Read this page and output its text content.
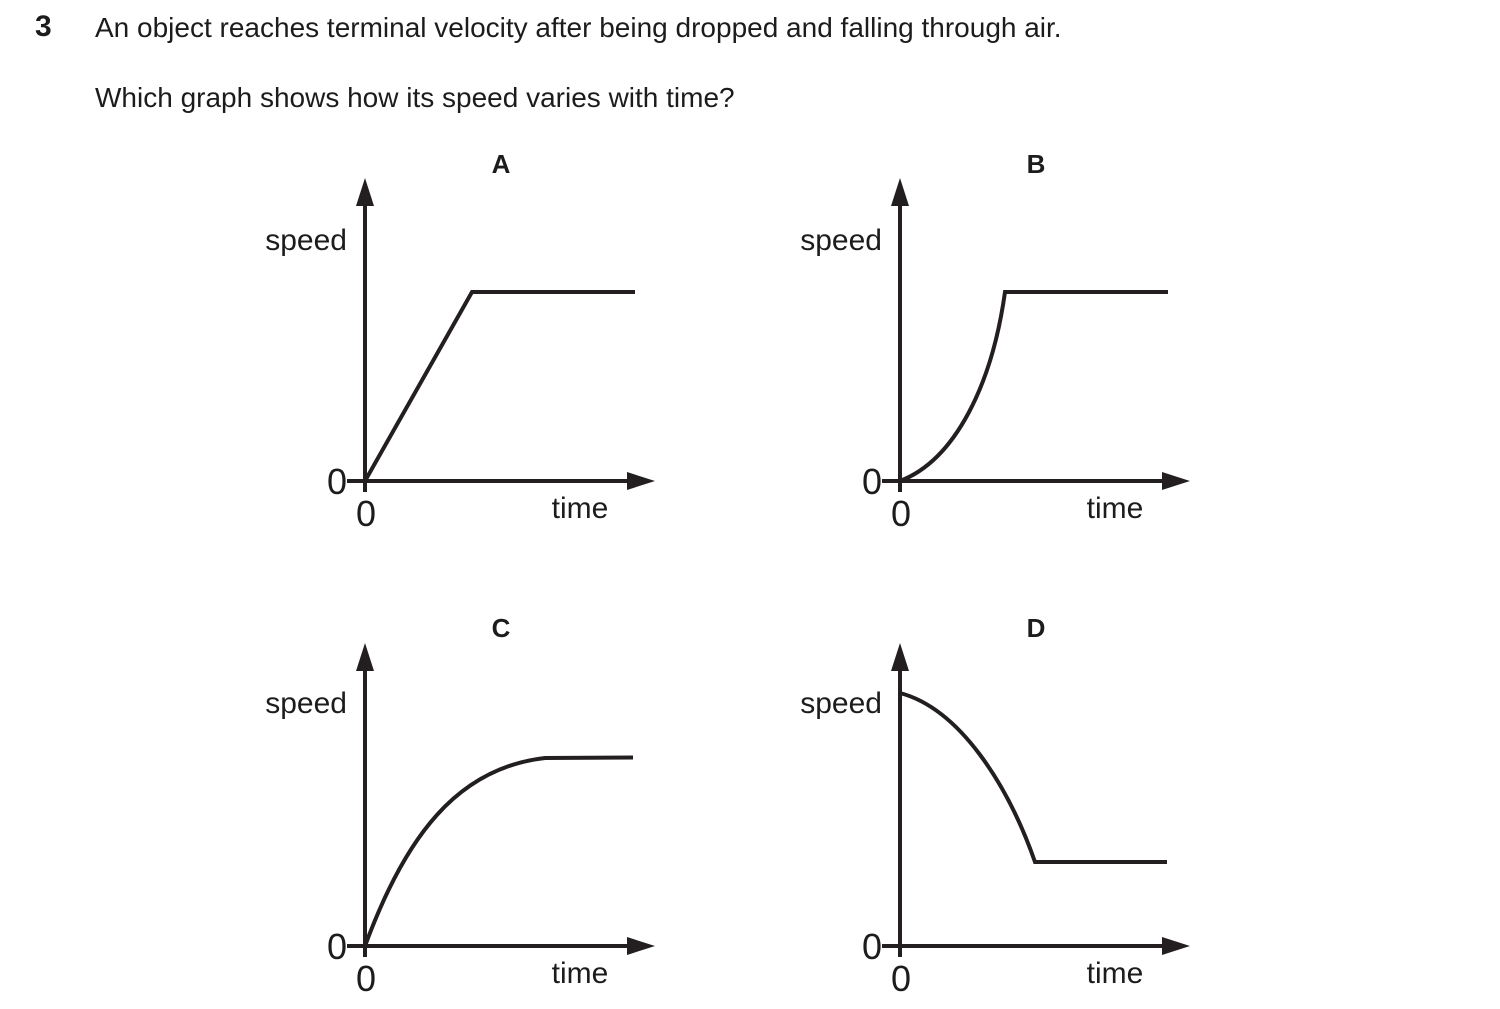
3 An object reaches terminal velocity after being dropped and falling through air.
Which graph shows how its speed varies with time?
A
speed
time
0
0
B
speed
time
0
0
C
speed
time
0
0
D
speed
time
0
0
